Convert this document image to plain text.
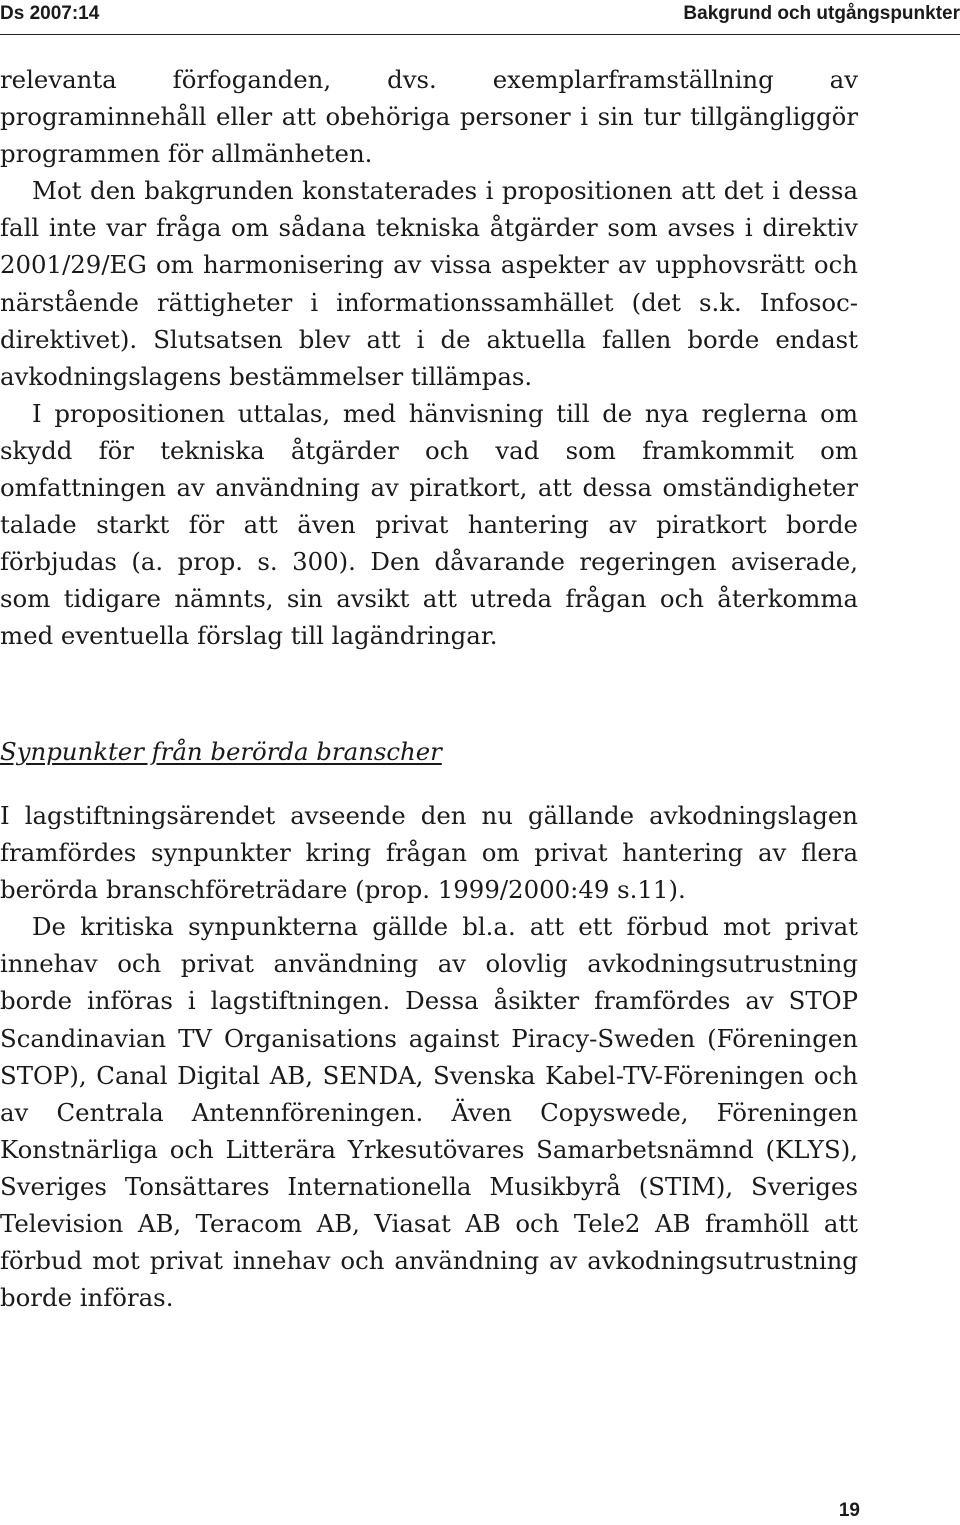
Ds 2007:14	Bakgrund och utgångspunkter

relevanta förfoganden, dvs. exemplarframställning av programinnehåll eller att obehöriga personer i sin tur tillgängliggör programmen för allmänheten.

Mot den bakgrunden konstaterades i propositionen att det i dessa fall inte var fråga om sådana tekniska åtgärder som avses i direktiv 2001/29/EG om harmonisering av vissa aspekter av upphovsrätt och närstående rättigheter i informationssamhället (det s.k. Infosoc-direktivet). Slutsatsen blev att i de aktuella fallen borde endast avkodningslagens bestämmelser tillämpas.

I propositionen uttalas, med hänvisning till de nya reglerna om skydd för tekniska åtgärder och vad som framkommit om omfattningen av användning av piratkort, att dessa omständigheter talade starkt för att även privat hantering av piratkort borde förbjudas (a. prop. s. 300). Den dåvarande regeringen aviserade, som tidigare nämnts, sin avsikt att utreda frågan och återkomma med eventuella förslag till lagändringar.

Synpunkter från berörda branscher

I lagstiftningsärendet avseende den nu gällande avkodningslagen framfördes synpunkter kring frågan om privat hantering av flera berörda branschföreträdare (prop. 1999/2000:49 s.11).

De kritiska synpunkterna gällde bl.a. att ett förbud mot privat innehav och privat användning av olovlig avkodningsutrustning borde införas i lagstiftningen. Dessa åsikter framfördes av STOP Scandinavian TV Organisations against Piracy-Sweden (Föreningen STOP), Canal Digital AB, SENDA, Svenska Kabel-TV-Föreningen och av Centrala Antennföreningen. Även Copyswede, Föreningen Konstnärliga och Litterära Yrkesutövares Samarbetsnämnd (KLYS), Sveriges Tonsättares Internationella Musikbyrå (STIM), Sveriges Television AB, Teracom AB, Viasat AB och Tele2 AB framhöll att förbud mot privat innehav och användning av avkodningsutrustning borde införas.

19
